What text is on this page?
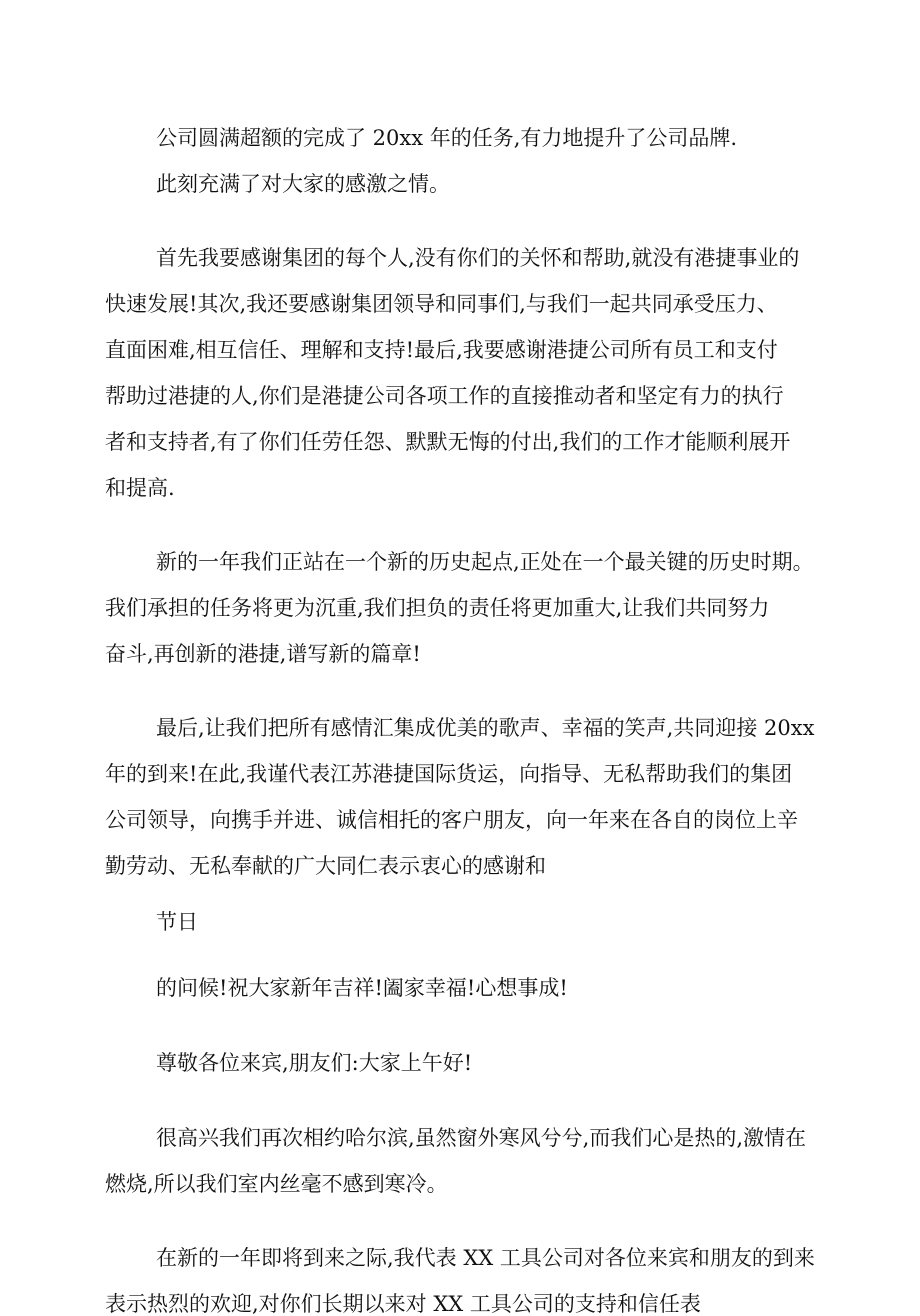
公司圆满超额的完成了 20xx 年的任务,有力地提升了公司品牌.
此刻充满了对大家的感激之情。
首先我要感谢集团的每个人,没有你们的关怀和帮助,就没有港捷事业的
快速发展!其次,我还要感谢集团领导和同事们,与我们一起共同承受压力、
直面困难,相互信任、理解和支持!最后,我要感谢港捷公司所有员工和支付
帮助过港捷的人,你们是港捷公司各项工作的直接推动者和坚定有力的执行
者和支持者,有了你们任劳任怨、默默无悔的付出,我们的工作才能顺利展开
和提高.
新的一年我们正站在一个新的历史起点,正处在一个最关键的历史时期。
我们承担的任务将更为沉重,我们担负的责任将更加重大,让我们共同努力
奋斗,再创新的港捷,谱写新的篇章!
最后,让我们把所有感情汇集成优美的歌声、幸福的笑声,共同迎接 20xx
年的到来!在此,我谨代表江苏港捷国际货运，向指导、无私帮助我们的集团
公司领导，向携手并进、诚信相托的客户朋友，向一年来在各自的岗位上辛
勤劳动、无私奉献的广大同仁表示衷心的感谢和
节日
的问候!祝大家新年吉祥!阖家幸福!心想事成!
尊敬各位来宾,朋友们:大家上午好!
很高兴我们再次相约哈尔滨,虽然窗外寒风兮兮,而我们心是热的,激情在
燃烧,所以我们室内丝毫不感到寒冷。
在新的一年即将到来之际,我代表 XX 工具公司对各位来宾和朋友的到来
表示热烈的欢迎,对你们长期以来对 XX 工具公司的支持和信任表
